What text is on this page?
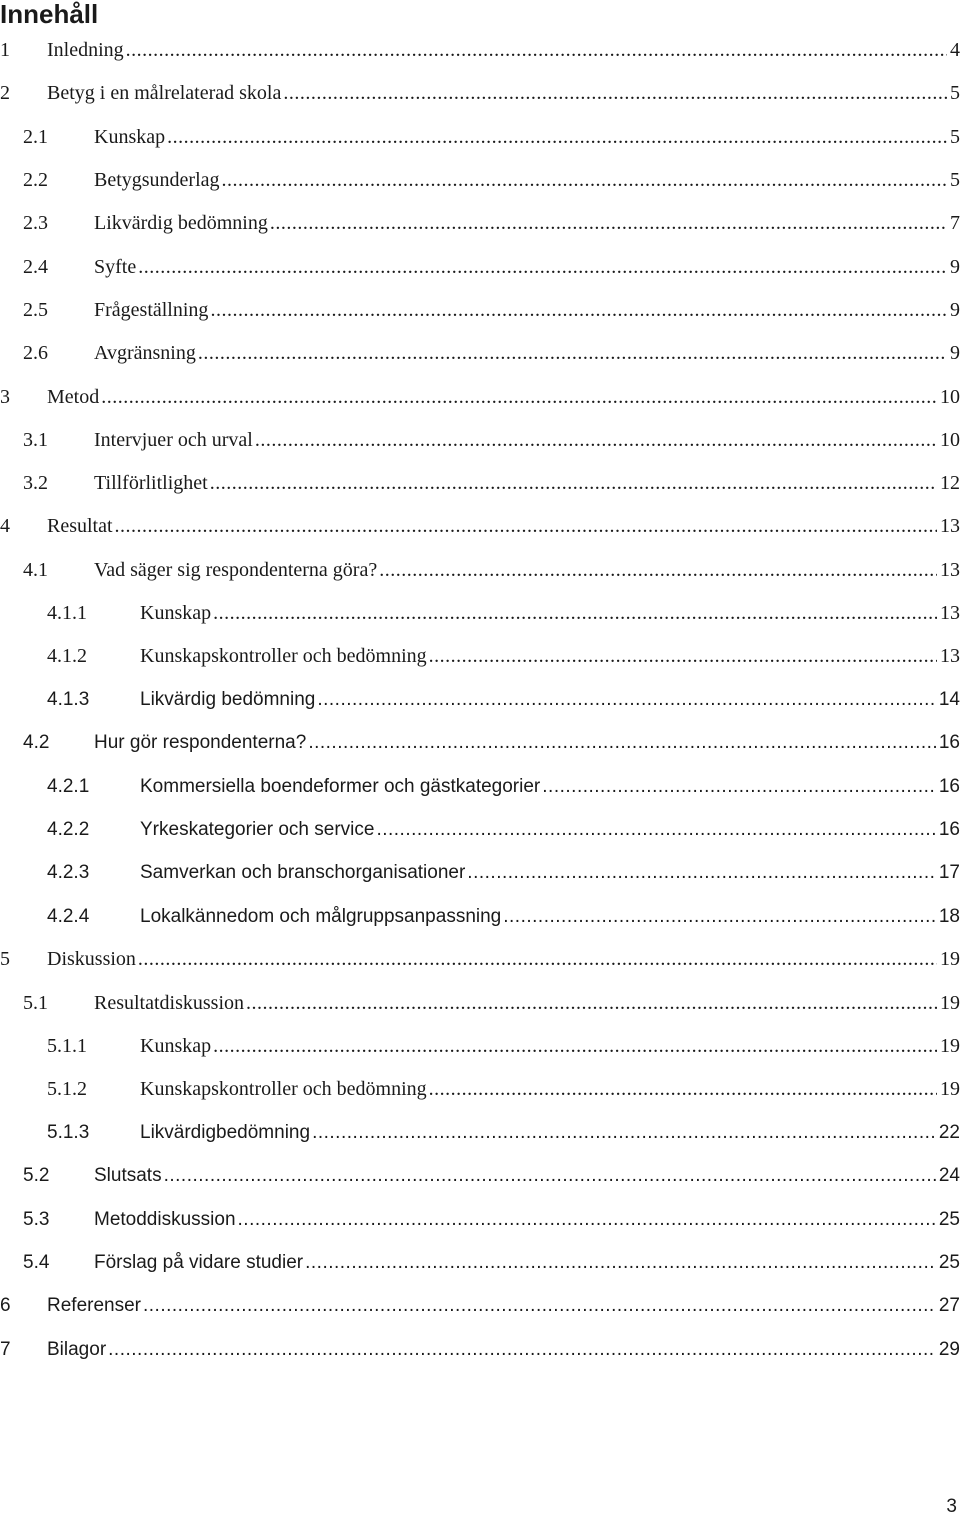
Innehåll
1	Inledning .....	4
2	Betyg i en målrelaterad skola .....	5
2.1	Kunskap .....	5
2.2	Betygsunderlag .....	5
2.3	Likvärdig bedömning .....	7
2.4	Syfte .....	9
2.5	Frågeställning .....	9
2.6	Avgränsning .....	9
3	Metod .....	10
3.1	Intervjuer och urval .....	10
3.2	Tillförlitlighet .....	12
4	Resultat .....	13
4.1	Vad säger sig respondenterna göra? .....	13
4.1.1	Kunskap .....	13
4.1.2	Kunskapskontroller och bedömning .....	13
4.1.3	Likvärdig bedömning .....	14
4.2	Hur gör respondenterna? .....	16
4.2.1	Kommersiella boendeformer och gästkategorier .....	16
4.2.2	Yrkeskategorier och service .....	16
4.2.3	Samverkan och branschorganisationer .....	17
4.2.4	Lokalkännedom och målgruppsanpassning .....	18
5	Diskussion .....	19
5.1	Resultatdiskussion .....	19
5.1.1	Kunskap .....	19
5.1.2	Kunskapskontroller och bedömning .....	19
5.1.3	Likvärdigbedömning .....	22
5.2	Slutsats .....	24
5.3	Metoddiskussion .....	25
5.4	Förslag på vidare studier .....	25
6	Referenser .....	27
7	Bilagor .....	29
3
